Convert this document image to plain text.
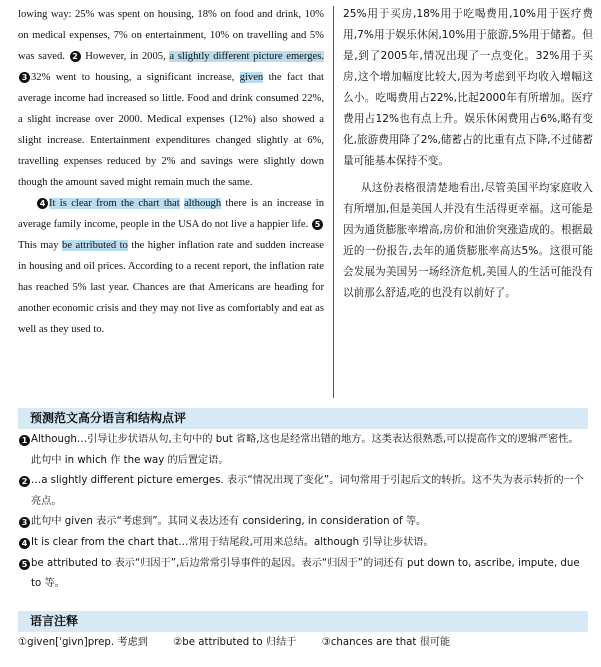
lowing way: 25% was spent on housing, 18% on food and drink, 10% on medical expenses, 7% on entertainment, 10% on travelling and 5% was saved. 2 However, in 2005, a slightly different picture emerges. 3 32% went to housing, a significant increase, given the fact that average income had increased so little. Food and drink consumed 22%, a slight increase over 2000. Medical expenses (12%) also showed a slight increase. Entertainment expenditures changed slightly at 6%, travelling expenses reduced by 2% and savings were slightly down though the amount saved might remain much the same.

4 It is clear from the chart that although there is an increase in average family income, people in the USA do not live a happier life. 5This may be attributed to the higher inflation rate and sudden increase in housing and oil prices. According to a recent report, the inflation rate has reached 5% last year. Chances are that Americans are heading for another economic crisis and they may not live as comfortably and eat as well as they used to.

25%用于买房,18%用于吃喝费用,10%用于医疗费用,7%用于娱乐休闲,10%用于旅游,5%用于储蓄。但是,到了2005年,情况出现了一点变化。32%用于买房,这个增加幅度比较大,因为考虑到平均收入增幅这么小。吃喝费用占22%,比起2000年有所增加。医疗费用占12%也有点上升。娱乐休闲费用占6%,略有变化,旅游费用降了2%,储蓄占的比重有点下降,不过储蓄量可能基本保持不变。

从这份表格很清楚地看出,尽管美国平均家庭收入有所增加,但是美国人并没有生活得更幸福。这可能是因为通货膨胀率增高,房价和油价突涨造成的。根据最近的一份报告,去年的通货膨胀率高达5%。这很可能会发展为美国另一场经济危机,美国人的生活可能没有以前那么舒适,吃的也没有以前好了。

预测范文高分语言和结构点评
1 Although…引导让步状语从句,主句中的 but 省略,这也是经常出错的地方。这类表达很熟悉,可以提高作文的逻辑严密性。此句中 in which 作 the way 的后置定语。
2 …a slightly different picture emerges. 表示“情况出现了变化”。词句常用于引起后文的转折。这不失为表示转折的一个亮点。
3 此句中 given 表示“考虑到”。其同义表达还有 considering, in consideration of 等。
4 It is clear from the chart that…常用于结尾段,可用来总结。although 引导让步状语。
5 be attributed to 表示“归因于”,后边常常引导事件的起因。表示“归因于”的词还有 put down to, ascribe, impute, due to 等。
语言注释
①given[ˈgivn]prep. 考虑到 ②be attributed to 归结于 ③chances are that 很可能
